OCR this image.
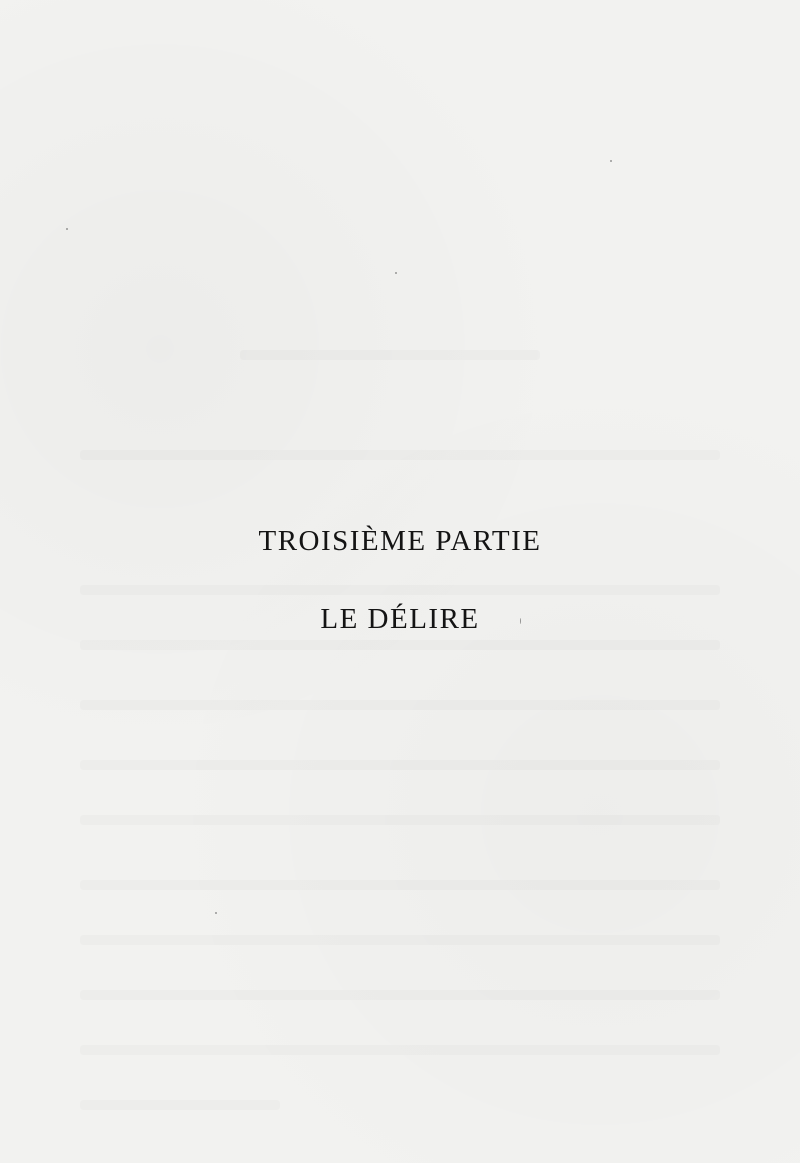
TROISIÈME PARTIE
LE DÉLIRE
